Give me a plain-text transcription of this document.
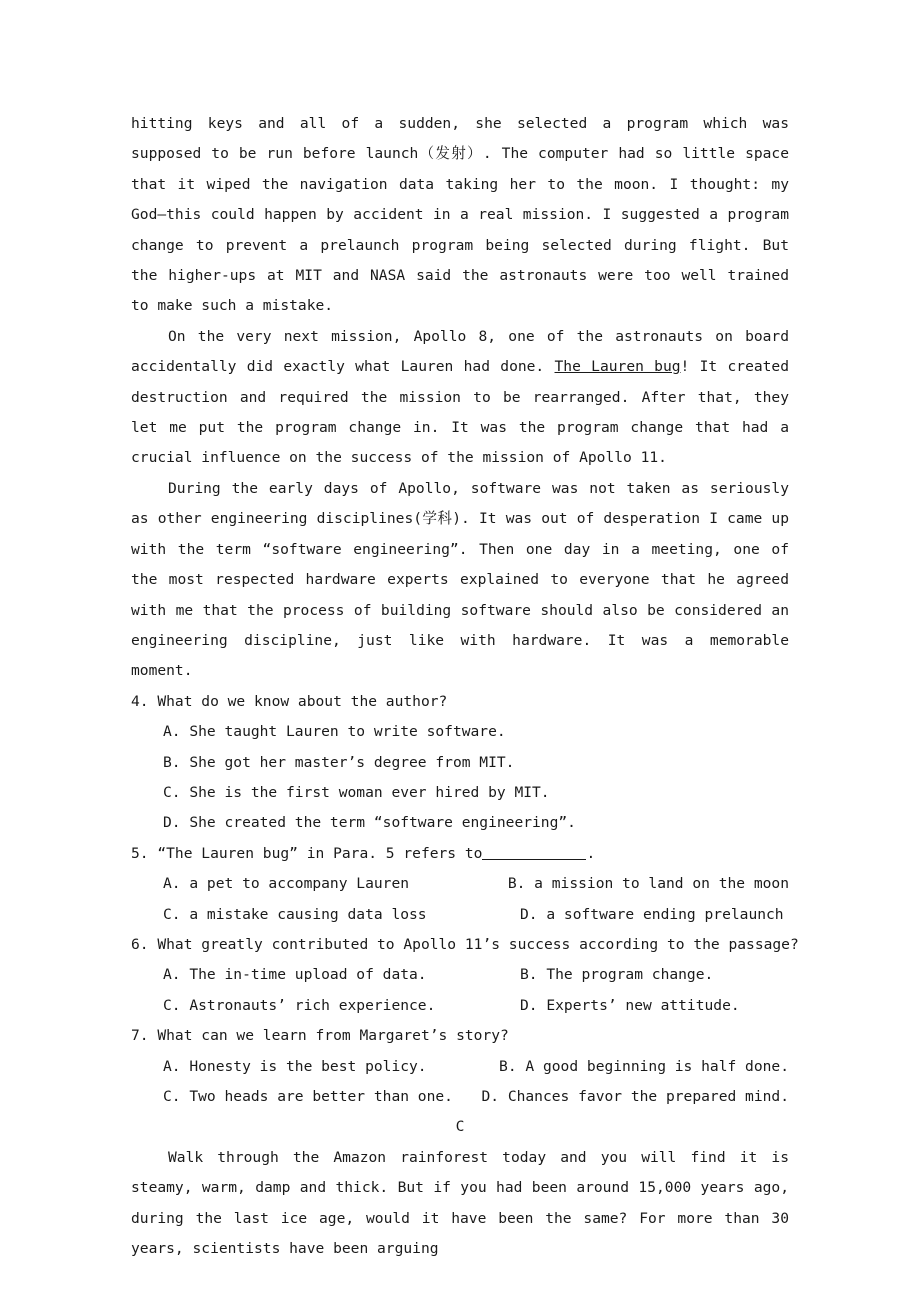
hitting keys and all of a sudden, she selected a program which was supposed to be run before launch（发射）. The computer had so little space that it wiped the navigation data taking her to the moon. I thought: my God—this could happen by accident in a real mission. I suggested a program change to prevent a prelaunch program being selected during flight. But the higher-ups at MIT and NASA said the astronauts were too well trained to make such a mistake.

On the very next mission, Apollo 8, one of the astronauts on board accidentally did exactly what Lauren had done. The Lauren bug! It created destruction and required the mission to be rearranged. After that, they let me put the program change in. It was the program change that had a crucial influence on the success of the mission of Apollo 11.

During the early days of Apollo, software was not taken as seriously as other engineering disciplines(学科). It was out of desperation I came up with the term “software engineering”. Then one day in a meeting, one of the most respected hardware experts explained to everyone that he agreed with me that the process of building software should also be considered an engineering discipline, just like with hardware. It was a memorable moment.

4. What do we know about the author?

A. She taught Lauren to write software.

B. She got her master’s degree from MIT.

C. She is the first woman ever hired by MIT.

D. She created the term “software engineering”.

5. “The Lauren bug” in Para. 5 refers to	.

A. a pet to accompany Lauren	B. a mission to land on the moon
C. a mistake causing data loss	D. a software ending prelaunch

6. What greatly contributed to Apollo 11’s success according to the passage?

A. The in-time upload of data.	B. The program change.
C. Astronauts’ rich experience.	D. Experts’ new attitude.

7. What can we learn from Margaret’s story?

A. Honesty is the best policy.	B. A good beginning is half done.
C. Two heads are better than one.	D. Chances favor the prepared mind.

C

Walk through the Amazon rainforest today and you will find it is steamy, warm, damp and thick. But if you had been around 15,000 years ago, during the last ice age, would it have been the same? For more than 30 years, scientists have been arguing
